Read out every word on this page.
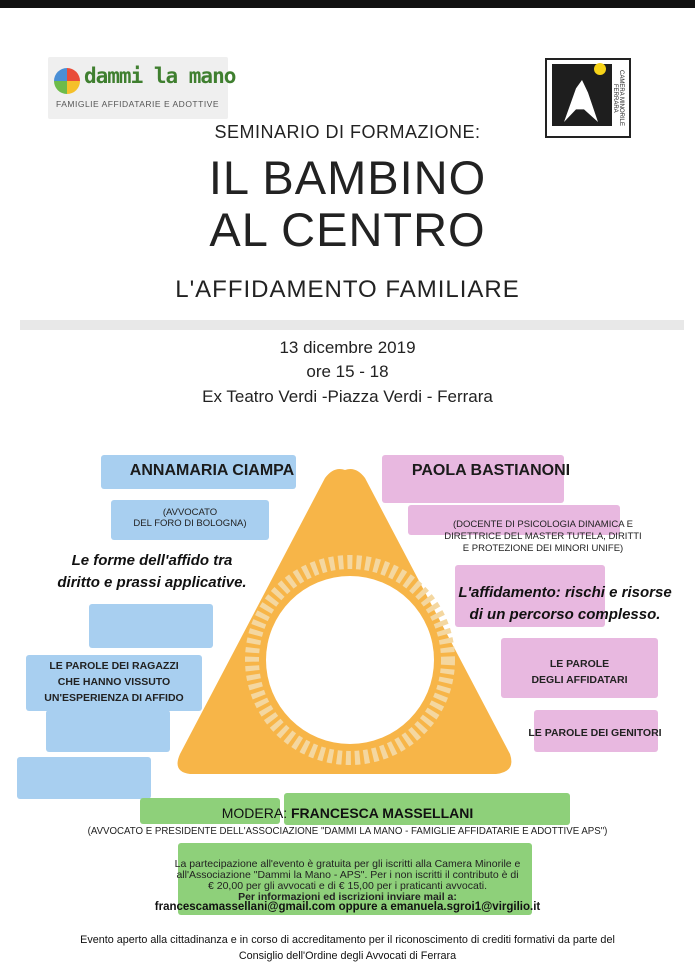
dammi la mano
FAMIGLIE AFFIDATARIE E ADOTTIVE	CAMERA MINORILE FERRARA
SEMINARIO DI FORMAZIONE:
IL BAMBINO
AL CENTRO
L'AFFIDAMENTO FAMILIARE
13 dicembre 2019
ore 15 - 18
Ex Teatro Verdi -Piazza Verdi - Ferrara
ANNAMARIA CIAMPA
(AVVOCATO
DEL FORO DI BOLOGNA)
Le forme dell'affido tra
diritto e prassi applicative.
LE PAROLE DEI RAGAZZI
CHE HANNO VISSUTO
UN'ESPERIENZA DI AFFIDO
PAOLA BASTIANONI
(DOCENTE DI PSICOLOGIA DINAMICA E
DIRETTRICE DEL MASTER TUTELA, DIRITTI
E PROTEZIONE DEI MINORI UNIFE)
L'affidamento: rischi e risorse
di un percorso complesso.
LE PAROLE
DEGLI AFFIDATARI
LE PAROLE DEI GENITORI
MODERA: FRANCESCA MASSELLANI
(AVVOCATO E PRESIDENTE DELL'ASSOCIAZIONE "DAMMI LA MANO - FAMIGLIE AFFIDATARIE E ADOTTIVE APS")
La partecipazione all'evento è gratuita per gli iscritti alla Camera Minorile e
all'Associazione "Dammi la Mano - APS". Per i non iscritti il contributo è di
€ 20,00 per gli avvocati e di € 15,00 per i praticanti avvocati.
Per informazioni ed iscrizioni inviare mail a:
francescamassellani@gmail.com oppure a emanuela.sgroi1@virgilio.it
Evento aperto alla cittadinanza e in corso di accreditamento per il riconoscimento di crediti formativi da parte del
Consiglio dell'Ordine degli Avvocati di Ferrara
